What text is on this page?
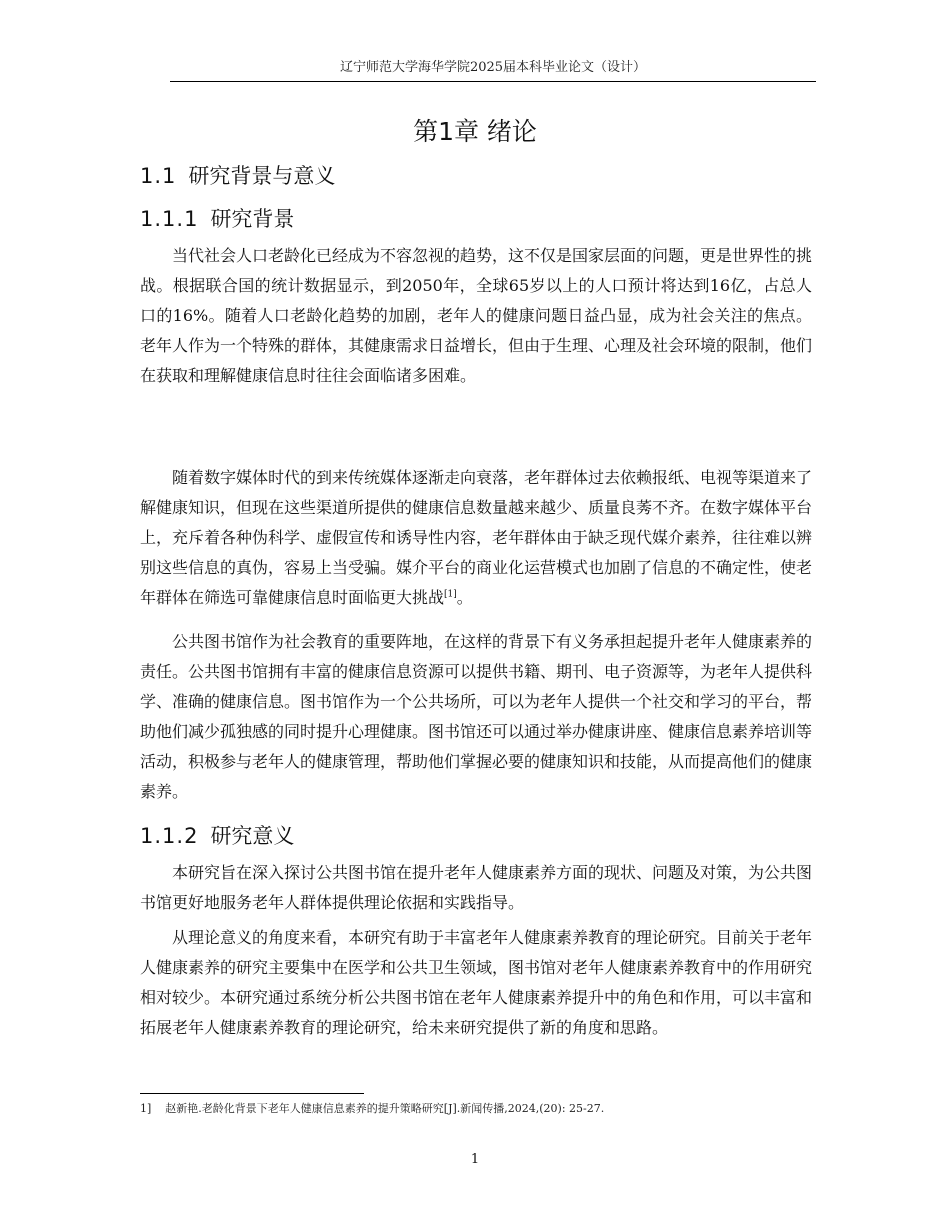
辽宁师范大学海华学院2025届本科毕业论文（设计）
第1章 绪论
1.1 研究背景与意义
1.1.1 研究背景

当代社会人口老龄化已经成为不容忽视的趋势，这不仅是国家层面的问题，更是世界性的挑战。根据联合国的统计数据显示，到2050年，全球65岁以上的人口预计将达到16亿，占总人口的16%。随着人口老龄化趋势的加剧，老年人的健康问题日益凸显，成为社会关注的焦点。老年人作为一个特殊的群体，其健康需求日益增长，但由于生理、心理及社会环境的限制，他们在获取和理解健康信息时往往会面临诸多困难。

随着数字媒体时代的到来传统媒体逐渐走向衰落，老年群体过去依赖报纸、电视等渠道来了解健康知识，但现在这些渠道所提供的健康信息数量越来越少、质量良莠不齐。在数字媒体平台上，充斥着各种伪科学、虚假宣传和诱导性内容，老年群体由于缺乏现代媒介素养，往往难以辨别这些信息的真伪，容易上当受骗。媒介平台的商业化运营模式也加剧了信息的不确定性，使老年群体在筛选可靠健康信息时面临更大挑战[1]。

公共图书馆作为社会教育的重要阵地，在这样的背景下有义务承担起提升老年人健康素养的责任。公共图书馆拥有丰富的健康信息资源可以提供书籍、期刊、电子资源等，为老年人提供科学、准确的健康信息。图书馆作为一个公共场所，可以为老年人提供一个社交和学习的平台，帮助他们减少孤独感的同时提升心理健康。图书馆还可以通过举办健康讲座、健康信息素养培训等活动，积极参与老年人的健康管理，帮助他们掌握必要的健康知识和技能，从而提高他们的健康素养。

1.1.2 研究意义

本研究旨在深入探讨公共图书馆在提升老年人健康素养方面的现状、问题及对策，为公共图书馆更好地服务老年人群体提供理论依据和实践指导。

从理论意义的角度来看，本研究有助于丰富老年人健康素养教育的理论研究。目前关于老年人健康素养的研究主要集中在医学和公共卫生领域，图书馆对老年人健康素养教育中的作用研究相对较少。本研究通过系统分析公共图书馆在老年人健康素养提升中的角色和作用，可以丰富和拓展老年人健康素养教育的理论研究，给未来研究提供了新的角度和思路。

1] 赵新艳.老龄化背景下老年人健康信息素养的提升策略研究[J].新闻传播,2024,(20): 25-27.
1
